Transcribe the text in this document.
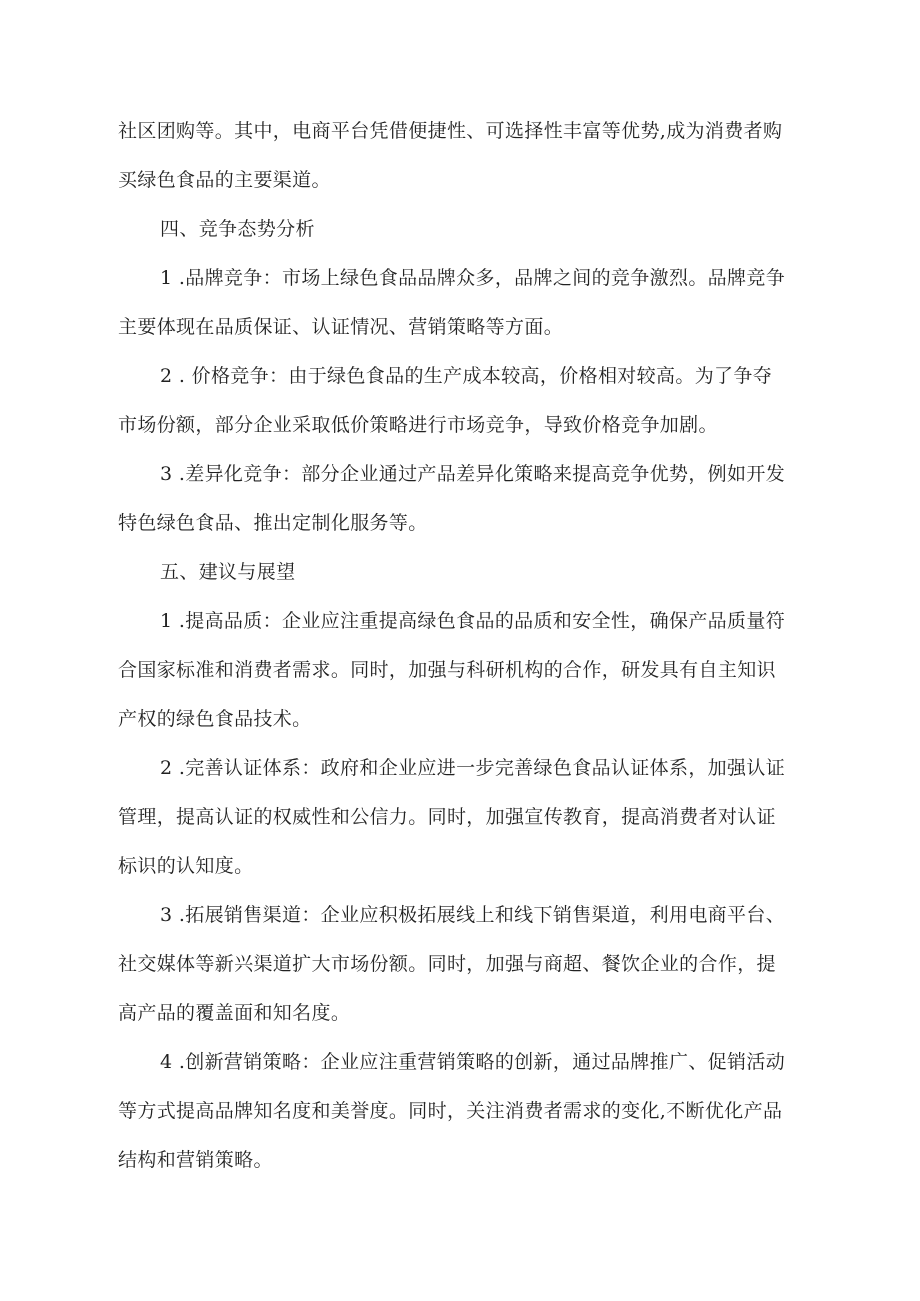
社区团购等。其中，电商平台凭借便捷性、可选择性丰富等优势,成为消费者购
买绿色食品的主要渠道。
四、竞争态势分析
1 .品牌竞争：市场上绿色食品品牌众多，品牌之间的竞争激烈。品牌竞争
主要体现在品质保证、认证情况、营销策略等方面。
2 . 价格竞争：由于绿色食品的生产成本较高，价格相对较高。为了争夺
市场份额，部分企业采取低价策略进行市场竞争，导致价格竞争加剧。
3 .差异化竞争：部分企业通过产品差异化策略来提高竞争优势，例如开发
特色绿色食品、推出定制化服务等。
五、建议与展望
1 .提高品质：企业应注重提高绿色食品的品质和安全性，确保产品质量符
合国家标准和消费者需求。同时，加强与科研机构的合作，研发具有自主知识
产权的绿色食品技术。
2 .完善认证体系：政府和企业应进一步完善绿色食品认证体系，加强认证
管理，提高认证的权威性和公信力。同时，加强宣传教育，提高消费者对认证
标识的认知度。
3 .拓展销售渠道：企业应积极拓展线上和线下销售渠道，利用电商平台、
社交媒体等新兴渠道扩大市场份额。同时，加强与商超、餐饮企业的合作，提
高产品的覆盖面和知名度。
4 .创新营销策略：企业应注重营销策略的创新，通过品牌推广、促销活动
等方式提高品牌知名度和美誉度。同时，关注消费者需求的变化,不断优化产品
结构和营销策略。
